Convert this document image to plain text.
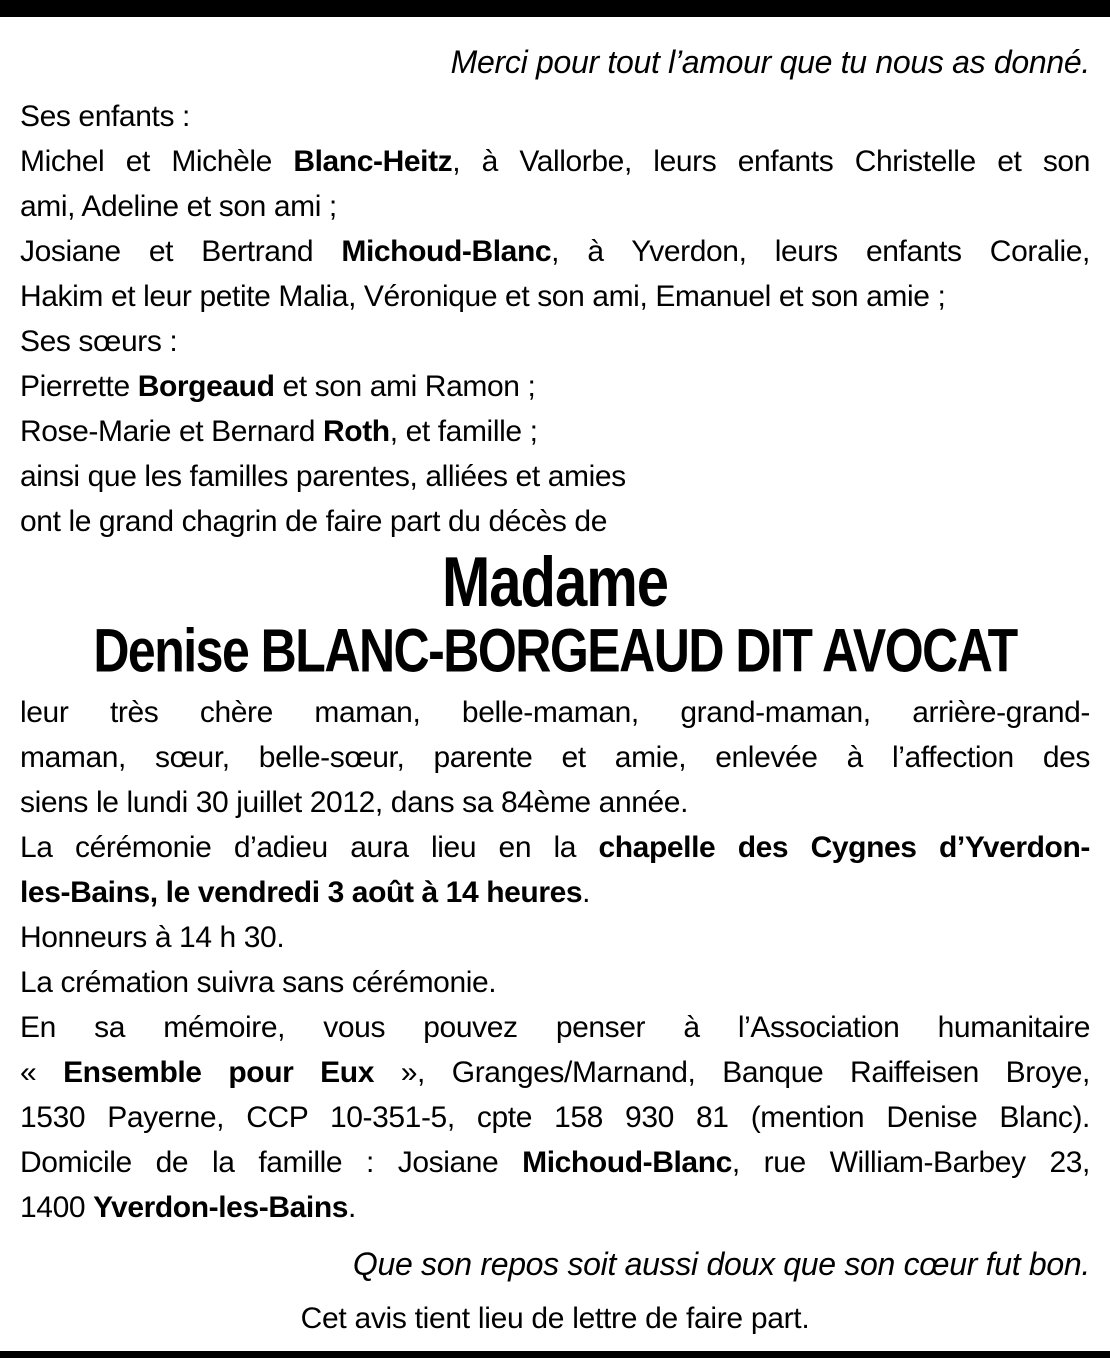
Merci pour tout l’amour que tu nous as donné.
Ses enfants :
Michel et Michèle Blanc-Heitz, à Vallorbe, leurs enfants Christelle et son
ami, Adeline et son ami ;
Josiane et Bertrand Michoud-Blanc, à Yverdon, leurs enfants Coralie,
Hakim et leur petite Malia, Véronique et son ami, Emanuel et son amie ;
Ses sœurs :
Pierrette Borgeaud et son ami Ramon ;
Rose-Marie et Bernard Roth, et famille ;
ainsi que les familles parentes, alliées et amies
ont le grand chagrin de faire part du décès de
Madame
Denise BLANC-BORGEAUD DIT AVOCAT
leur très chère maman, belle-maman, grand-maman, arrière-grand-
maman, sœur, belle-sœur, parente et amie, enlevée à l’affection des
siens le lundi 30 juillet 2012, dans sa 84ème année.
La cérémonie d’adieu aura lieu en la chapelle des Cygnes d’Yverdon-
les-Bains, le vendredi 3 août à 14 heures.
Honneurs à 14 h 30.
La crémation suivra sans cérémonie.
En sa mémoire, vous pouvez penser à l’Association humanitaire
« Ensemble pour Eux », Granges/Marnand, Banque Raiffeisen Broye,
1530 Payerne, CCP 10-351-5, cpte 158 930 81 (mention Denise Blanc).
Domicile de la famille : Josiane Michoud-Blanc, rue William-Barbey 23,
1400 Yverdon-les-Bains.
Que son repos soit aussi doux que son cœur fut bon.
Cet avis tient lieu de lettre de faire part.
